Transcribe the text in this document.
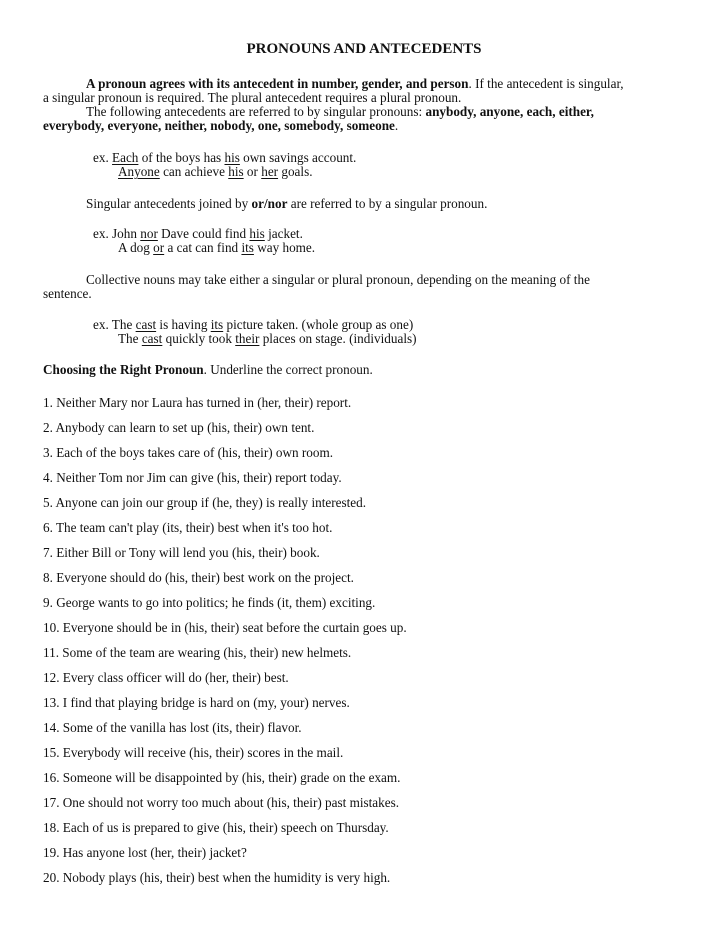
PRONOUNS AND ANTECEDENTS
A pronoun agrees with its antecedent in number, gender, and person. If the antecedent is singular,
a singular pronoun is required. The plural antecedent requires a plural pronoun.
The following antecedents are referred to by singular pronouns: anybody, anyone, each, either,
everybody, everyone, neither, nobody, one, somebody, someone.
ex. Each of the boys has his own savings account.
Anyone can achieve his or her goals.
Singular antecedents joined by or/nor are referred to by a singular pronoun.
ex. John nor Dave could find his jacket.
A dog or a cat can find its way home.
Collective nouns may take either a singular or plural pronoun, depending on the meaning of the
sentence.
ex. The cast is having its picture taken. (whole group as one)
The cast quickly took their places on stage. (individuals)
Choosing the Right Pronoun. Underline the correct pronoun.
1. Neither Mary nor Laura has turned in (her, their) report.
2. Anybody can learn to set up (his, their) own tent.
3. Each of the boys takes care of (his, their) own room.
4. Neither Tom nor Jim can give (his, their) report today.
5. Anyone can join our group if (he, they) is really interested.
6. The team can't play (its, their) best when it's too hot.
7. Either Bill or Tony will lend you (his, their) book.
8. Everyone should do (his, their) best work on the project.
9. George wants to go into politics; he finds (it, them) exciting.
10. Everyone should be in (his, their) seat before the curtain goes up.
11. Some of the team are wearing (his, their) new helmets.
12. Every class officer will do (her, their) best.
13. I find that playing bridge is hard on (my, your) nerves.
14. Some of the vanilla has lost (its, their) flavor.
15. Everybody will receive (his, their) scores in the mail.
16. Someone will be disappointed by (his, their) grade on the exam.
17. One should not worry too much about (his, their) past mistakes.
18. Each of us is prepared to give (his, their) speech on Thursday.
19. Has anyone lost (her, their) jacket?
20. Nobody plays (his, their) best when the humidity is very high.
